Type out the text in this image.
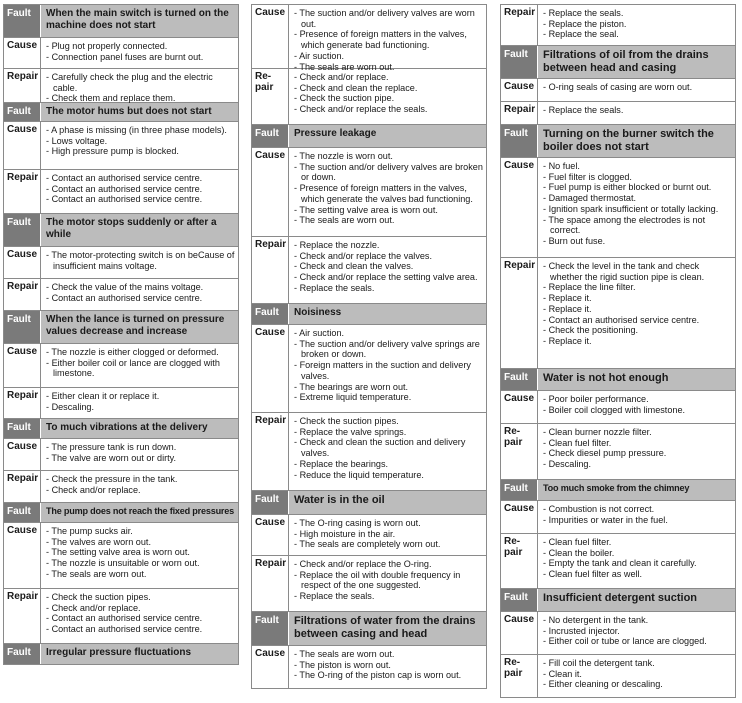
Fault	When the main switch is turned on the machine does not start
Cause	- Plug not properly connected.
- Connection panel fuses are burnt out.
Repair	- Carefully check the plug and the electric cable.
- Check them and replace them.
Fault	The motor hums but does not start
Cause	- A phase is missing (in three phase models).
- Lows voltage.
- High pressure pump is blocked.
Repair	- Contact an authorised service centre.
- Contact an authorised service centre.
- Contact an authorised service centre.
Fault	The motor stops suddenly or after a while
Cause	- The motor-protecting switch is on beCause of insufficient mains voltage.
Repair	- Check the value of the mains voltage.
- Contact an authorised service centre.
Fault	When the lance is turned on pressure values decrease and increase
Cause	- The nozzle is either clogged or deformed.
- Either boiler coil or lance are clogged with limestone.
Repair	- Either clean it or replace it.
- Descaling.
Fault	To much vibrations at the delivery
Cause	- The pressure tank is run down.
- The valve are worn out or dirty.
Repair	- Check the pressure in the tank.
- Check and/or replace.
Fault	The pump does not reach the fixed pressures
Cause	- The pump sucks air.
- The valves are worn out.
- The setting valve area is worn out.
- The nozzle is unsuitable or worn out.
- The seals are worn out.
Repair	- Check the suction pipes.
- Check and/or replace.
- Contact an authorised service centre.
- Contact an authorised service centre.
Fault	Irregular pressure fluctuations
Cause	- The suction and/or delivery valves are worn out.
- Presence of foreign matters in the valves, which generate bad functioning.
- Air suction.
- The seals are worn out.
Re-
pair
- Check and/or replace.
- Check and clean the replace.
- Check the suction pipe.
- Check and/or replace the seals.
Fault	Pressure leakage
Cause	- The nozzle is worn out.
- The suction and/or delivery valves are broken or down.
- Presence of foreign matters in the valves, which generate the valves bad functioning.
- The setting valve area is worn out.
- The seals are worn out.
Repair	- Replace the nozzle.
- Check and/or replace the valves.
- Check and clean the valves.
- Check and/or replace the setting valve area.
- Replace the seals.
Fault	Noisiness
Cause	- Air suction.
- The suction and/or delivery valve springs are broken or down.
- Foreign matters in the suction and delivery valves.
- The bearings are worn out.
- Extreme liquid temperature.
Repair	- Check the suction pipes.
- Replace the valve springs.
- Check and clean the suction and delivery valves.
- Replace the bearings.
- Reduce the liquid temperature.
Fault	Water is in the oil
Cause	- The O-ring casing is worn out.
- High moisture in the air.
- The seals are completely worn out.
Repair	- Check and/or replace the O-ring.
- Replace the oil with double frequency in respect of the one suggested.
- Replace the seals.
Fault	Filtrations of water from the drains between casing and head
Cause	- The seals are worn out.
- The piston is worn out.
- The O-ring of the piston cap is worn out.
Repair	- Replace the seals.
- Replace the piston.
- Replace the seal.
Fault	Filtrations of oil from the drains between head and casing
Cause	- O-ring seals of casing are worn out.
Repair	- Replace the seals.
Fault	Turning on the burner switch the boiler does not start
Cause	- No fuel.
- Fuel filter is clogged.
- Fuel pump is either blocked or burnt out.
- Damaged thermostat.
- Ignition spark insufficient or totally lacking.
- The space among the electrodes is not correct.
- Burn out fuse.
Repair	- Check the level in the tank and check whether the rigid suction pipe is clean.
- Replace the line filter.
- Replace it.
- Replace it.
- Contact an authorised service centre.
- Check the positioning.
- Replace it.
Fault	Water is not hot enough
Cause	- Poor boiler performance.
- Boiler coil clogged with limestone.
Re-
pair
- Clean burner nozzle filter.
- Clean fuel filter.
- Check diesel pump pressure.
- Descaling.
Fault	Too much smoke from the chimney
Cause	- Combustion is not correct.
- Impurities or water in the fuel.
Re-
pair
- Clean fuel filter.
- Clean the boiler.
- Empty the tank and clean it carefully.
- Clean fuel filter as well.
Fault	Insufficient detergent suction
Cause	- No detergent in the tank.
- Incrusted injector.
- Either coil or tube or lance are clogged.
Re-
pair
- Fill coil the detergent tank.
- Clean it.
- Either cleaning or descaling.
